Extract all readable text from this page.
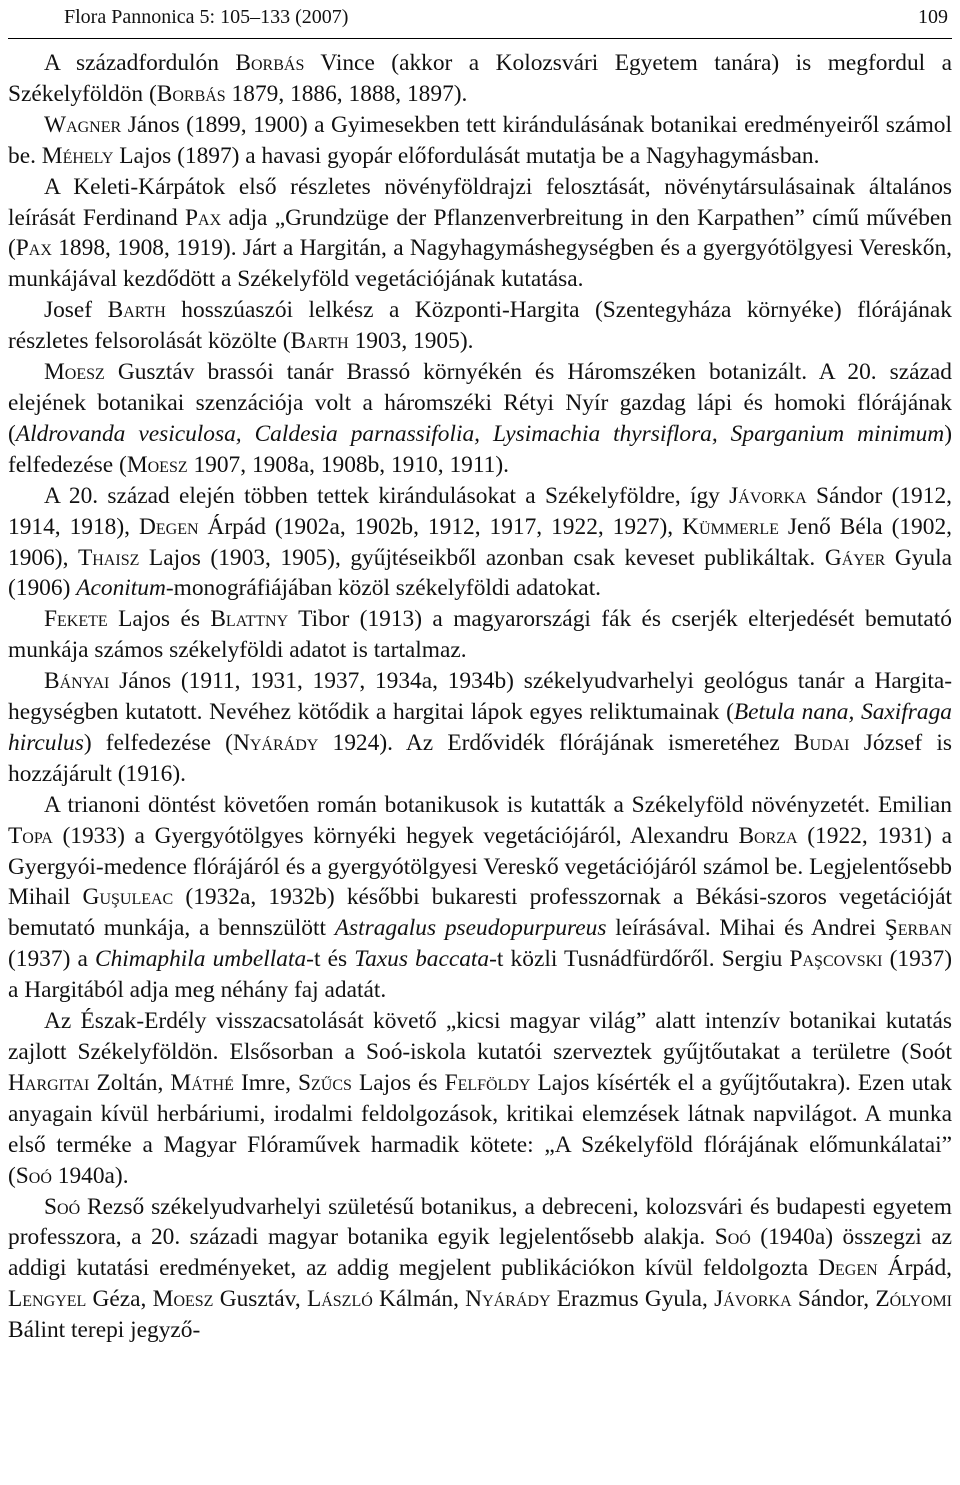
Flora Pannonica 5: 105–133 (2007)	109

A századfordulón Borbás Vince (akkor a Kolozsvári Egyetem tanára) is megfordul a Székelyföldön (Borbás 1879, 1886, 1888, 1897).

Wagner János (1899, 1900) a Gyimesekben tett kirándulásának botanikai eredményeiről számol be. Méhely Lajos (1897) a havasi gyopár előfordulását mutatja be a Nagyhagymásban.

A Keleti-Kárpátok első részletes növényföldrajzi felosztását, növénytársulásainak általános leírását Ferdinand Pax adja „Grundzüge der Pflanzenverbreitung in den Karpathen” című művében (Pax 1898, 1908, 1919). Járt a Hargitán, a Nagyhagymáshegységben és a gyergyótölgyesi Vereskőn, munkájával kezdődött a Székelyföld vegetációjának kutatása.

Josef Barth hosszúaszói lelkész a Központi-Hargita (Szentegyháza környéke) flórájának részletes felsorolását közölte (Barth 1903, 1905).

Moesz Gusztáv brassói tanár Brassó környékén és Háromszéken botanizált. A 20. század elejének botanikai szenzációja volt a háromszéki Rétyi Nyír gazdag lápi és homoki flórájának (Aldrovanda vesiculosa, Caldesia parnassifolia, Lysimachia thyrsiflora, Sparganium minimum) felfedezése (Moesz 1907, 1908a, 1908b, 1910, 1911).

A 20. század elején többen tettek kirándulásokat a Székelyföldre, így Jávorka Sándor (1912, 1914, 1918), Degen Árpád (1902a, 1902b, 1912, 1917, 1922, 1927), Kümmerle Jenő Béla (1902, 1906), Thaisz Lajos (1903, 1905), gyűjtéseikből azonban csak keveset publikáltak. Gáyer Gyula (1906) Aconitum-monográfiájában közöl székelyföldi adatokat.

Fekete Lajos és Blattny Tibor (1913) a magyarországi fák és cserjék elterjedését bemutató munkája számos székelyföldi adatot is tartalmaz.

Bányai János (1911, 1931, 1937, 1934a, 1934b) székelyudvarhelyi geológus tanár a Hargita-hegységben kutatott. Nevéhez kötődik a hargitai lápok egyes reliktumainak (Betula nana, Saxifraga hirculus) felfedezése (Nyárády 1924). Az Erdővidék flórájának ismeretéhez Budai József is hozzájárult (1916).

A trianoni döntést követően román botanikusok is kutatták a Székelyföld növényzetét. Emilian Topa (1933) a Gyergyótölgyes környéki hegyek vegetációjáról, Alexandru Borza (1922, 1931) a Gyergyói-medence flórájáról és a gyergyótölgyesi Vereskő vegetációjáról számol be. Legjelentősebb Mihail Guşuleac (1932a, 1932b) későbbi bukaresti professzornak a Békási-szoros vegetációját bemutató munkája, a bennszülött Astragalus pseudopurpureus leírásával. Mihai és Andrei Şerban (1937) a Chimaphila umbellata-t és Taxus baccata-t közli Tusnádfürdőről. Sergiu Paşcovski (1937) a Hargitából adja meg néhány faj adatát.

Az Észak-Erdély visszacsatolását követő „kicsi magyar világ” alatt intenzív botanikai kutatás zajlott Székelyföldön. Elsősorban a Soó-iskola kutatói szerveztek gyűjtőutakat a területre (Soót Hargitai Zoltán, Máthé Imre, Szűcs Lajos és Felföldy Lajos kísérték el a gyűjtőutakra). Ezen utak anyagain kívül herbáriumi, irodalmi feldolgozások, kritikai elemzések látnak napvilágot. A munka első terméke a Magyar Flóraművek harmadik kötete: „A Székelyföld flórájának előmunkálatai” (Soó 1940a).

Soó Rezső székelyudvarhelyi születésű botanikus, a debreceni, kolozsvári és budapesti egyetem professzora, a 20. századi magyar botanika egyik legjelentősebb alakja. Soó (1940a) összegzi az addigi kutatási eredményeket, az addig megjelent publikációkon kívül feldolgozta Degen Árpád, Lengyel Géza, Moesz Gusztáv, László Kálmán, Nyárády Erazmus Gyula, Jávorka Sándor, Zólyomi Bálint terepi jegyző-
